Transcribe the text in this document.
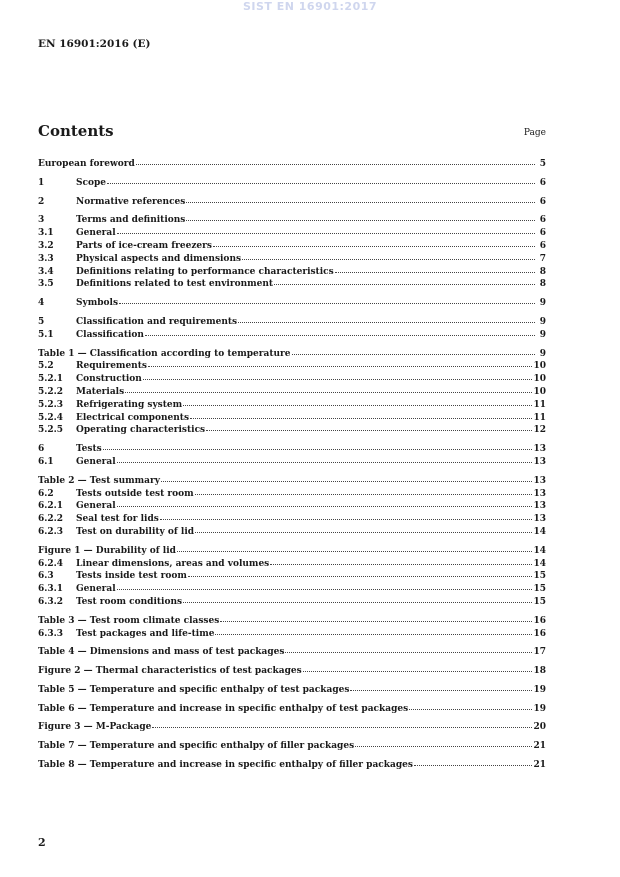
SIST EN 16901:2017
EN 16901:2016 (E)
Contents	Page
European foreword	5
1	Scope	6
2	Normative references	6
3	Terms and definitions	6
3.1	General	6
3.2	Parts of ice-cream freezers	6
3.3	Physical aspects and dimensions	7
3.4	Definitions relating to performance characteristics	8
3.5	Definitions related to test environment	8
4	Symbols	9
5	Classification and requirements	9
5.1	Classification	9
Table 1 — Classification according to temperature	9
5.2	Requirements	10
5.2.1	Construction	10
5.2.2	Materials	10
5.2.3	Refrigerating system	11
5.2.4	Electrical components	11
5.2.5	Operating characteristics	12
6	Tests	13
6.1	General	13
Table 2 — Test summary	13
6.2	Tests outside test room	13
6.2.1	General	13
6.2.2	Seal test for lids	13
6.2.3	Test on durability of lid	14
Figure 1 — Durability of lid	14
6.2.4	Linear dimensions, areas and volumes	14
6.3	Tests inside test room	15
6.3.1	General	15
6.3.2	Test room conditions	15
Table 3 — Test room climate classes	16
6.3.3	Test packages and life-time	16
Table 4 — Dimensions and mass of test packages	17
Figure 2 — Thermal characteristics of test packages	18
Table 5 — Temperature and specific enthalpy of test packages	19
Table 6 — Temperature and increase in specific enthalpy of test packages	19
Figure 3 — M-Package	20
Table 7 — Temperature and specific enthalpy of filler packages	21
Table 8 — Temperature and increase in specific enthalpy of filler packages	21
2
